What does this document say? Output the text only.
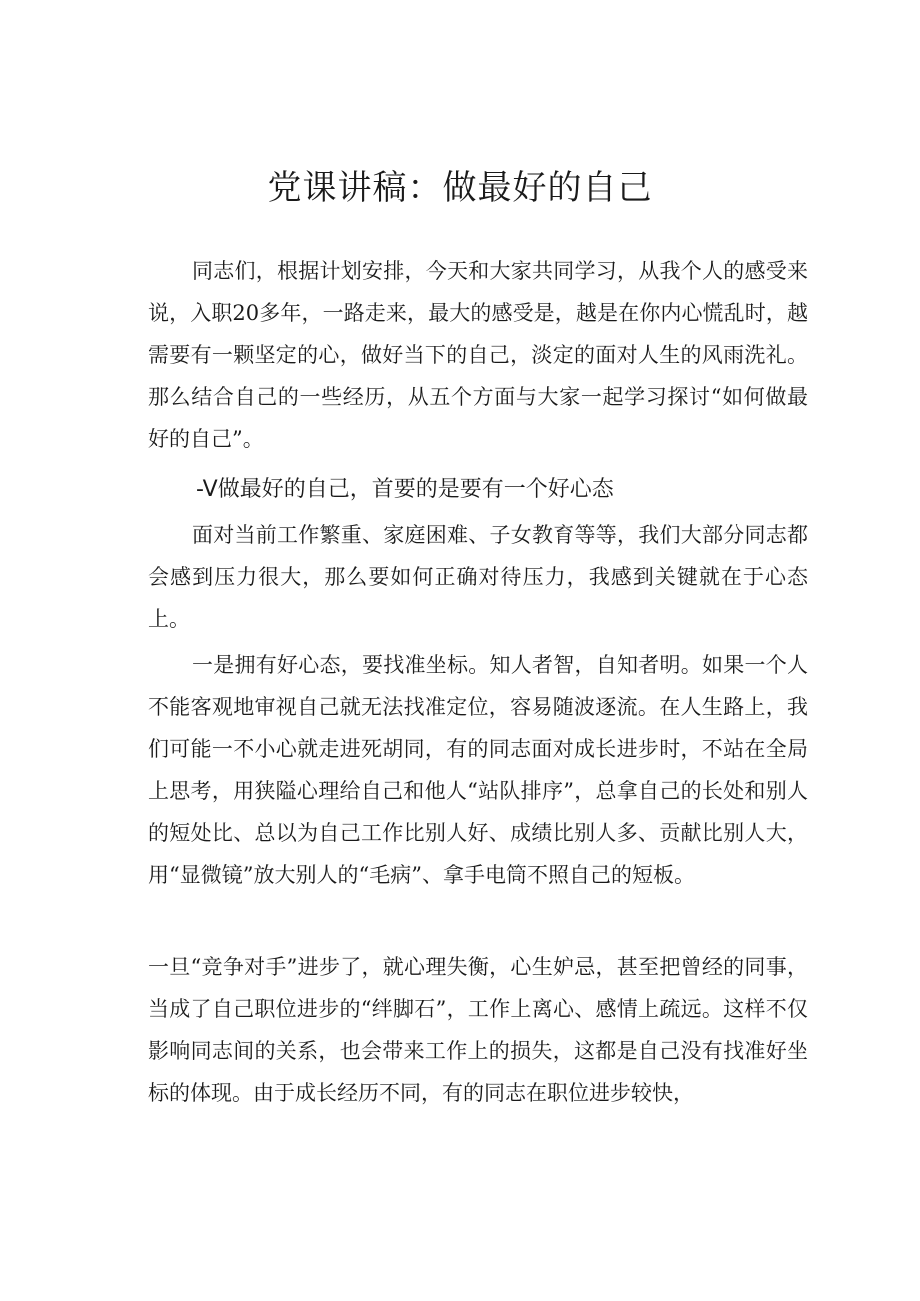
党课讲稿：做最好的自己

同志们，根据计划安排，今天和大家共同学习，从我个人的感受来说，入职20多年，一路走来，最大的感受是，越是在你内心慌乱时，越需要有一颗坚定的心，做好当下的自己，淡定的面对人生的风雨洗礼。那么结合自己的一些经历，从五个方面与大家一起学习探讨“如何做最好的自己”。

-V做最好的自己，首要的是要有一个好心态

面对当前工作繁重、家庭困难、子女教育等等，我们大部分同志都会感到压力很大，那么要如何正确对待压力，我感到关键就在于心态上。

一是拥有好心态，要找准坐标。知人者智，自知者明。如果一个人不能客观地审视自己就无法找准定位，容易随波逐流。在人生路上，我们可能一不小心就走进死胡同，有的同志面对成长进步时，不站在全局上思考，用狭隘心理给自己和他人“站队排序”，总拿自己的长处和别人的短处比、总以为自己工作比别人好、成绩比别人多、贡献比别人大，用“显微镜”放大别人的“毛病”、拿手电筒不照自己的短板。

一旦“竞争对手”进步了，就心理失衡，心生妒忌，甚至把曾经的同事，当成了自己职位进步的“绊脚石”，工作上离心、感情上疏远。这样不仅影响同志间的关系，也会带来工作上的损失，这都是自己没有找准好坐标的体现。由于成长经历不同，有的同志在职位进步较快，
